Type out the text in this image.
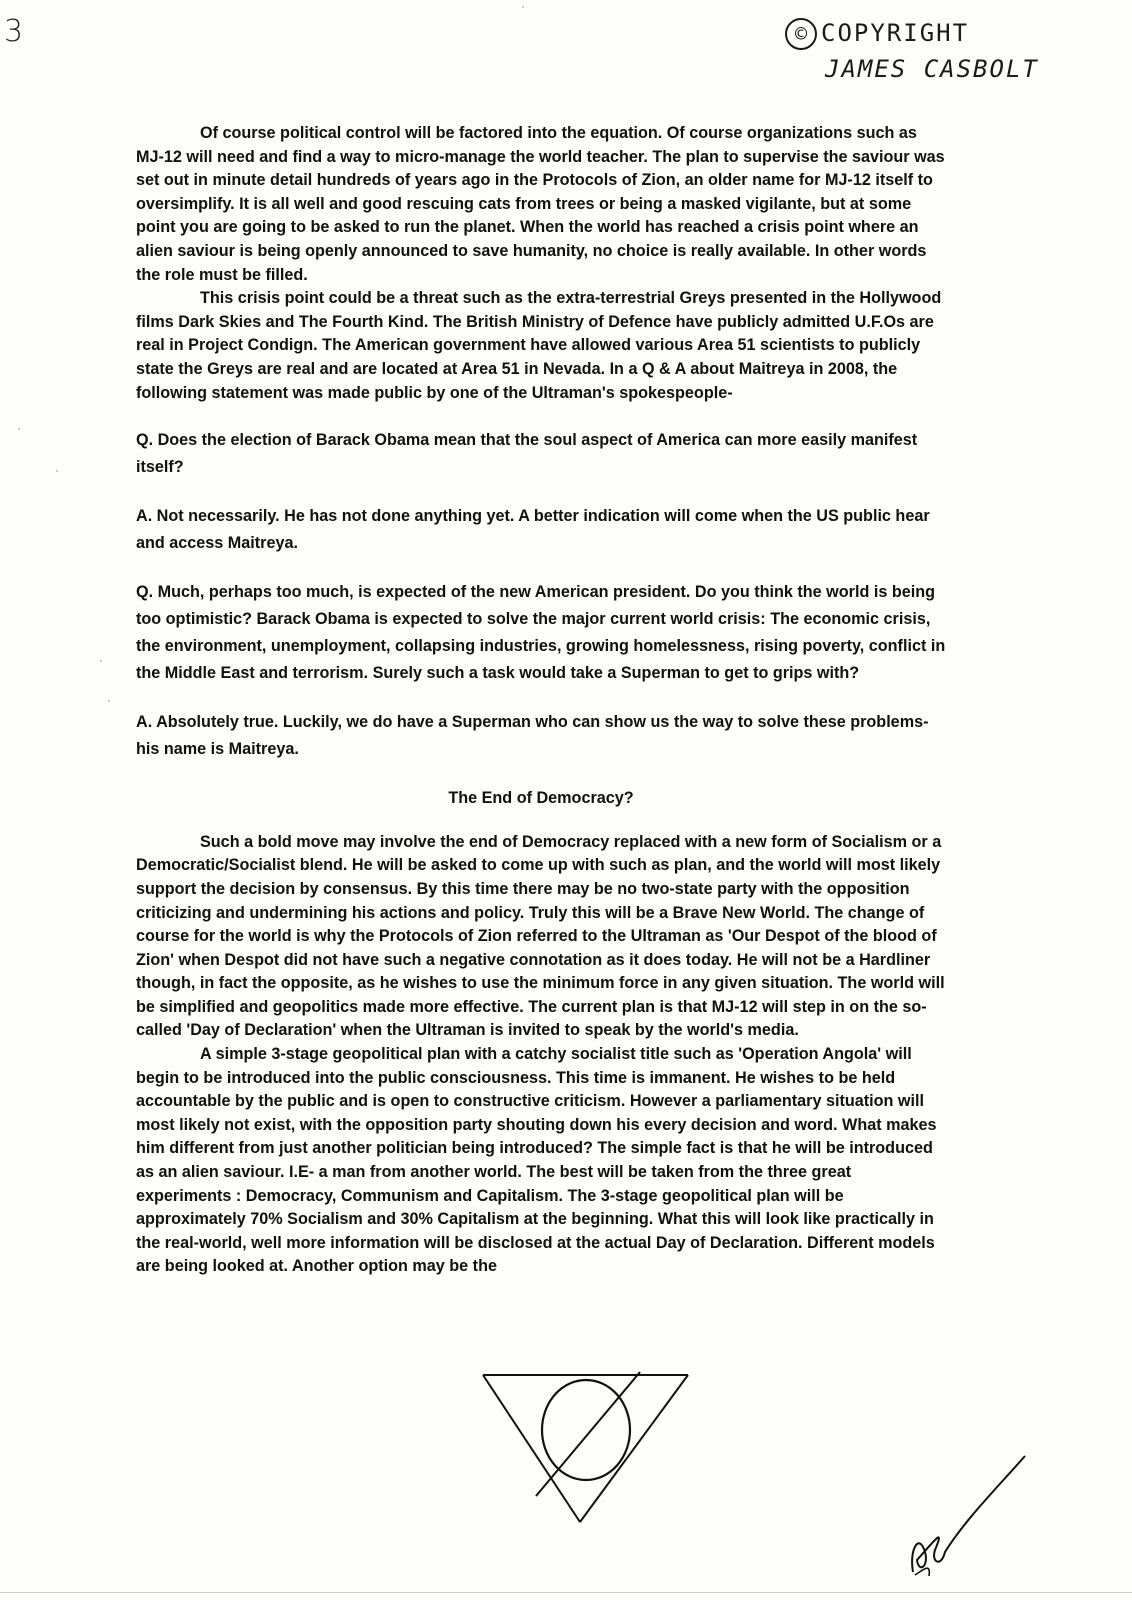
3	© COPYRIGHT
JAMES CASBOLT

Of course political control will be factored into the equation. Of course organizations such as MJ-12 will need and find a way to micro-manage the world teacher. The plan to supervise the saviour was set out in minute detail hundreds of years ago in the Protocols of Zion, an older name for MJ-12 itself to oversimplify. It is all well and good rescuing cats from trees or being a masked vigilante, but at some point you are going to be asked to run the planet. When the world has reached a crisis point where an alien saviour is being openly announced to save humanity, no choice is really available. In other words the role must be filled.

This crisis point could be a threat such as the extra-terrestrial Greys presented in the Hollywood films Dark Skies and The Fourth Kind. The British Ministry of Defence have publicly admitted U.F.Os are real in Project Condign. The American government have allowed various Area 51 scientists to publicly state the Greys are real and are located at Area 51 in Nevada. In a Q & A about Maitreya in 2008, the following statement was made public by one of the Ultraman's spokespeople-

Q. Does the election of Barack Obama mean that the soul aspect of America can more easily manifest itself?

A. Not necessarily. He has not done anything yet. A better indication will come when the US public hear and access Maitreya.

Q. Much, perhaps too much, is expected of the new American president. Do you think the world is being too optimistic? Barack Obama is expected to solve the major current world crisis: The economic crisis, the environment, unemployment, collapsing industries, growing homelessness, rising poverty, conflict in the Middle East and terrorism. Surely such a task would take a Superman to get to grips with?

A. Absolutely true. Luckily, we do have a Superman who can show us the way to solve these problems- his name is Maitreya.

The End of Democracy?

Such a bold move may involve the end of Democracy replaced with a new form of Socialism or a Democratic/Socialist blend. He will be asked to come up with such as plan, and the world will most likely support the decision by consensus. By this time there may be no two-state party with the opposition criticizing and undermining his actions and policy. Truly this will be a Brave New World. The change of course for the world is why the Protocols of Zion referred to the Ultraman as 'Our Despot of the blood of Zion' when Despot did not have such a negative connotation as it does today. He will not be a Hardliner though, in fact the opposite, as he wishes to use the minimum force in any given situation. The world will be simplified and geopolitics made more effective. The current plan is that MJ-12 will step in on the so-called 'Day of Declaration' when the Ultraman is invited to speak by the world's media.

A simple 3-stage geopolitical plan with a catchy socialist title such as 'Operation Angola' will begin to be introduced into the public consciousness. This time is immanent. He wishes to be held accountable by the public and is open to constructive criticism. However a parliamentary situation will most likely not exist, with the opposition party shouting down his every decision and word. What makes him different from just another politician being introduced? The simple fact is that he will be introduced as an alien saviour. I.E- a man from another world. The best will be taken from the three great experiments : Democracy, Communism and Capitalism. The 3-stage geopolitical plan will be approximately 70% Socialism and 30% Capitalism at the beginning. What this will look like practically in the real-world, well more information will be disclosed at the actual Day of Declaration. Different models are being looked at. Another option may be the
